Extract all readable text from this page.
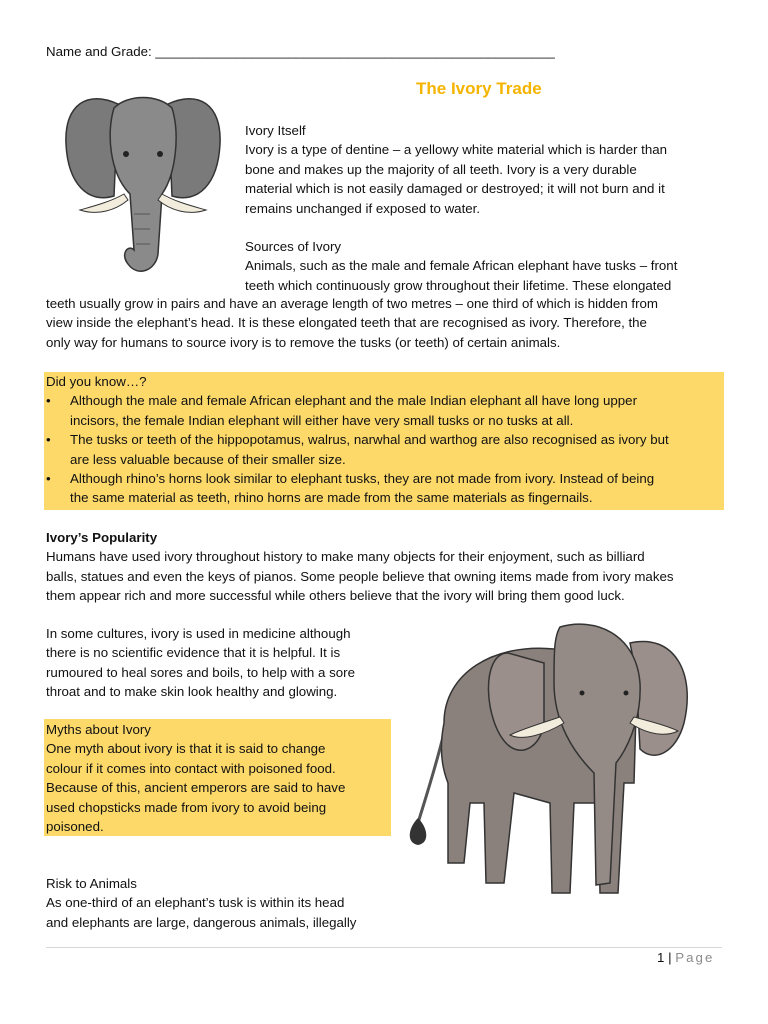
Name and Grade: ______________________________________________________
The Ivory Trade
Ivory Itself
Ivory is a type of dentine – a yellowy white material which is harder than
bone and makes up the majority of all teeth. Ivory is a very durable
material which is not easily damaged or destroyed; it will not burn and it
remains unchanged if exposed to water.
Sources of Ivory
Animals, such as the male and female African elephant have tusks – front
teeth which continuously grow throughout their lifetime. These elongated
teeth usually grow in pairs and have an average length of two metres – one third of which is hidden from
view inside the elephant’s head. It is these elongated teeth that are recognised as ivory. Therefore, the
only way for humans to source ivory is to remove the tusks (or teeth) of certain animals.
Did you know…?
• Although the male and female African elephant and the male Indian elephant all have long upper
incisors, the female Indian elephant will either have very small tusks or no tusks at all.
• The tusks or teeth of the hippopotamus, walrus, narwhal and warthog are also recognised as ivory but
are less valuable because of their smaller size.
• Although rhino’s horns look similar to elephant tusks, they are not made from ivory. Instead of being
the same material as teeth, rhino horns are made from the same materials as fingernails.
Ivory’s Popularity
Humans have used ivory throughout history to make many objects for their enjoyment, such as billiard
balls, statues and even the keys of pianos. Some people believe that owning items made from ivory makes
them appear rich and more successful while others believe that the ivory will bring them good luck.
In some cultures, ivory is used in medicine although
there is no scientific evidence that it is helpful. It is
rumoured to heal sores and boils, to help with a sore
throat and to make skin look healthy and glowing.
Myths about Ivory
One myth about ivory is that it is said to change
colour if it comes into contact with poisoned food.
Because of this, ancient emperors are said to have
used chopsticks made from ivory to avoid being
poisoned.
Risk to Animals
As one-third of an elephant’s tusk is within its head
and elephants are large, dangerous animals, illegally
1 | Page
